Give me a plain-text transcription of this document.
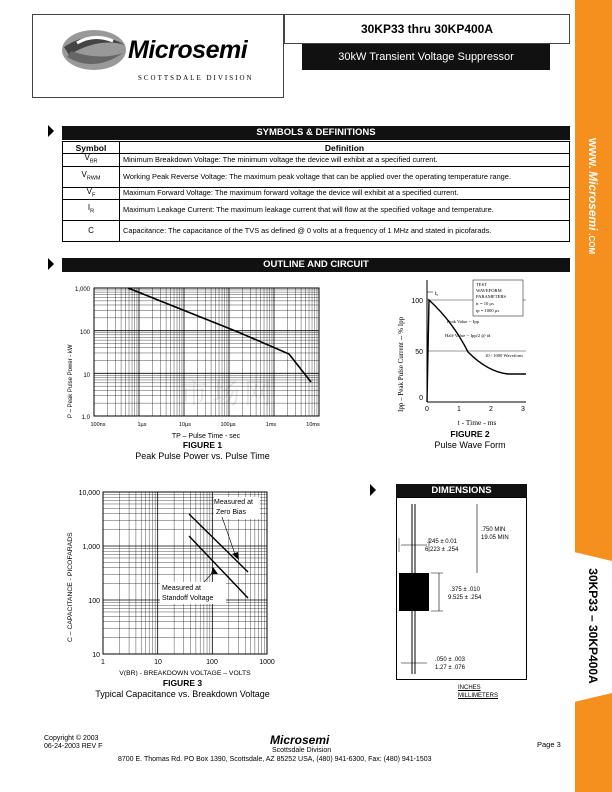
Microsemi
SCOTTSDALE DIVISION
30KP33 thru 30KP400A
30kW Transient Voltage Suppressor
WWW. Microsemi .COM
30KP33 – 30KP400A
SYMBOLS & DEFINITIONS
Symbol	Definition
$V_{BR}$	Minimum Breakdown Voltage: The minimum voltage the device will exhibit at a specified current.
$V_{RWM}$	Working Peak Reverse Voltage: The maximum peak voltage that can be applied over the operating temperature range.
$V_F$	Maximum Forward Voltage: The maximum forward voltage the device will exhibit at a specified current.
$I_R$	Maximum Leakage Current: The maximum leakage current that will flow at the specified voltage and temperature.
C	Capacitance: The capacitance of the TVS as defined @ 0 volts at a frequency of 1 MHz and stated in picofarads.
OUTLINE AND CIRCUIT
市场网
1,000
100
10
1.0
100ns	1µs	10µs	100µs	1ms	10ms
P – Peak Pulse Power - kW
TP – Pulse Time - sec
FIGURE 1
Peak Pulse Power vs. Pulse Time
tr
TEST
WAVEFORM
PARAMETERS
tr = 10 µs
tp = 1000 µs
Peak Value -- Ipp
Half-Value -- Ipp/2 @ td
10 / 1000 Waveform
100
50
0
0	1	2	3
Ipp – Peak Pulse Current -- % Ipp
t - Time - ms
FIGURE 2
Pulse Wave Form
Measured at
Zero Bias
Measured at
Standoff Voltage
10,000
1,000
100
10
1	10	100	1000
C – CAPACITANCE - PICOFARADS
V(BR) - BREAKDOWN VOLTAGE – VOLTS
FIGURE 3
Typical Capacitance vs. Breakdown Voltage
DIMENSIONS
.750 MIN
19.05 MIN
.245 ± 0.01
6.223 ± .254
.375 ± .010
9.525 ± .254
.050 ± .003
1.27 ± .076
INCHES
MILLIMETERS
Copyright © 2003
06-24-2003 REV F	Microsemi
Scottsdale Division
8700 E. Thomas Rd. PO Box 1390, Scottsdale, AZ 85252 USA, (480) 941-6300, Fax: (480) 941-1503
Page 3
